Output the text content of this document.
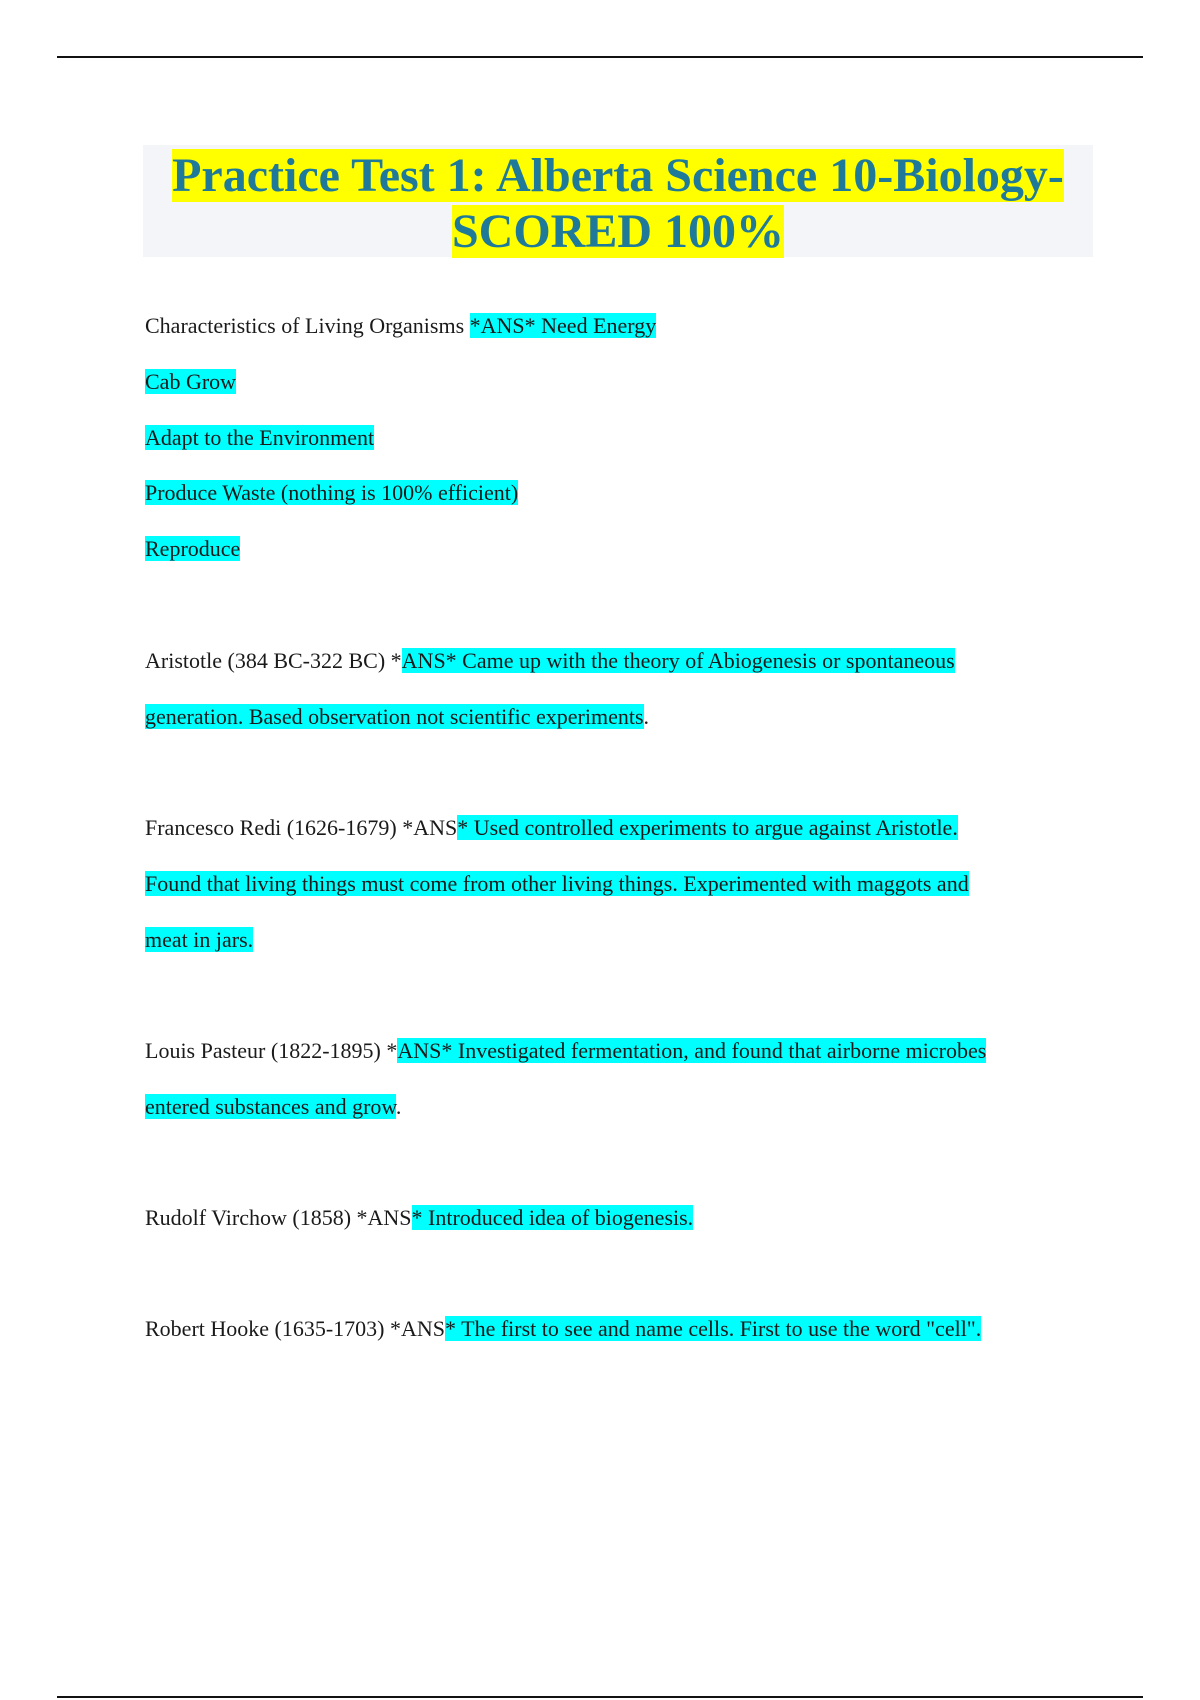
Practice Test 1: Alberta Science 10-Biology-
SCORED 100%
Characteristics of Living Organisms *ANS* Need Energy
Cab Grow
Adapt to the Environment
Produce Waste (nothing is 100% efficient)
Reproduce
Aristotle (384 BC-322 BC) *ANS* Came up with the theory of Abiogenesis or spontaneous
generation. Based observation not scientific experiments.
Francesco Redi (1626-1679) *ANS* Used controlled experiments to argue against Aristotle.
Found that living things must come from other living things. Experimented with maggots and
meat in jars.
Louis Pasteur (1822-1895) *ANS* Investigated fermentation, and found that airborne microbes
entered substances and grow.
Rudolf Virchow (1858) *ANS* Introduced idea of biogenesis.
Robert Hooke (1635-1703) *ANS* The first to see and name cells. First to use the word "cell".
